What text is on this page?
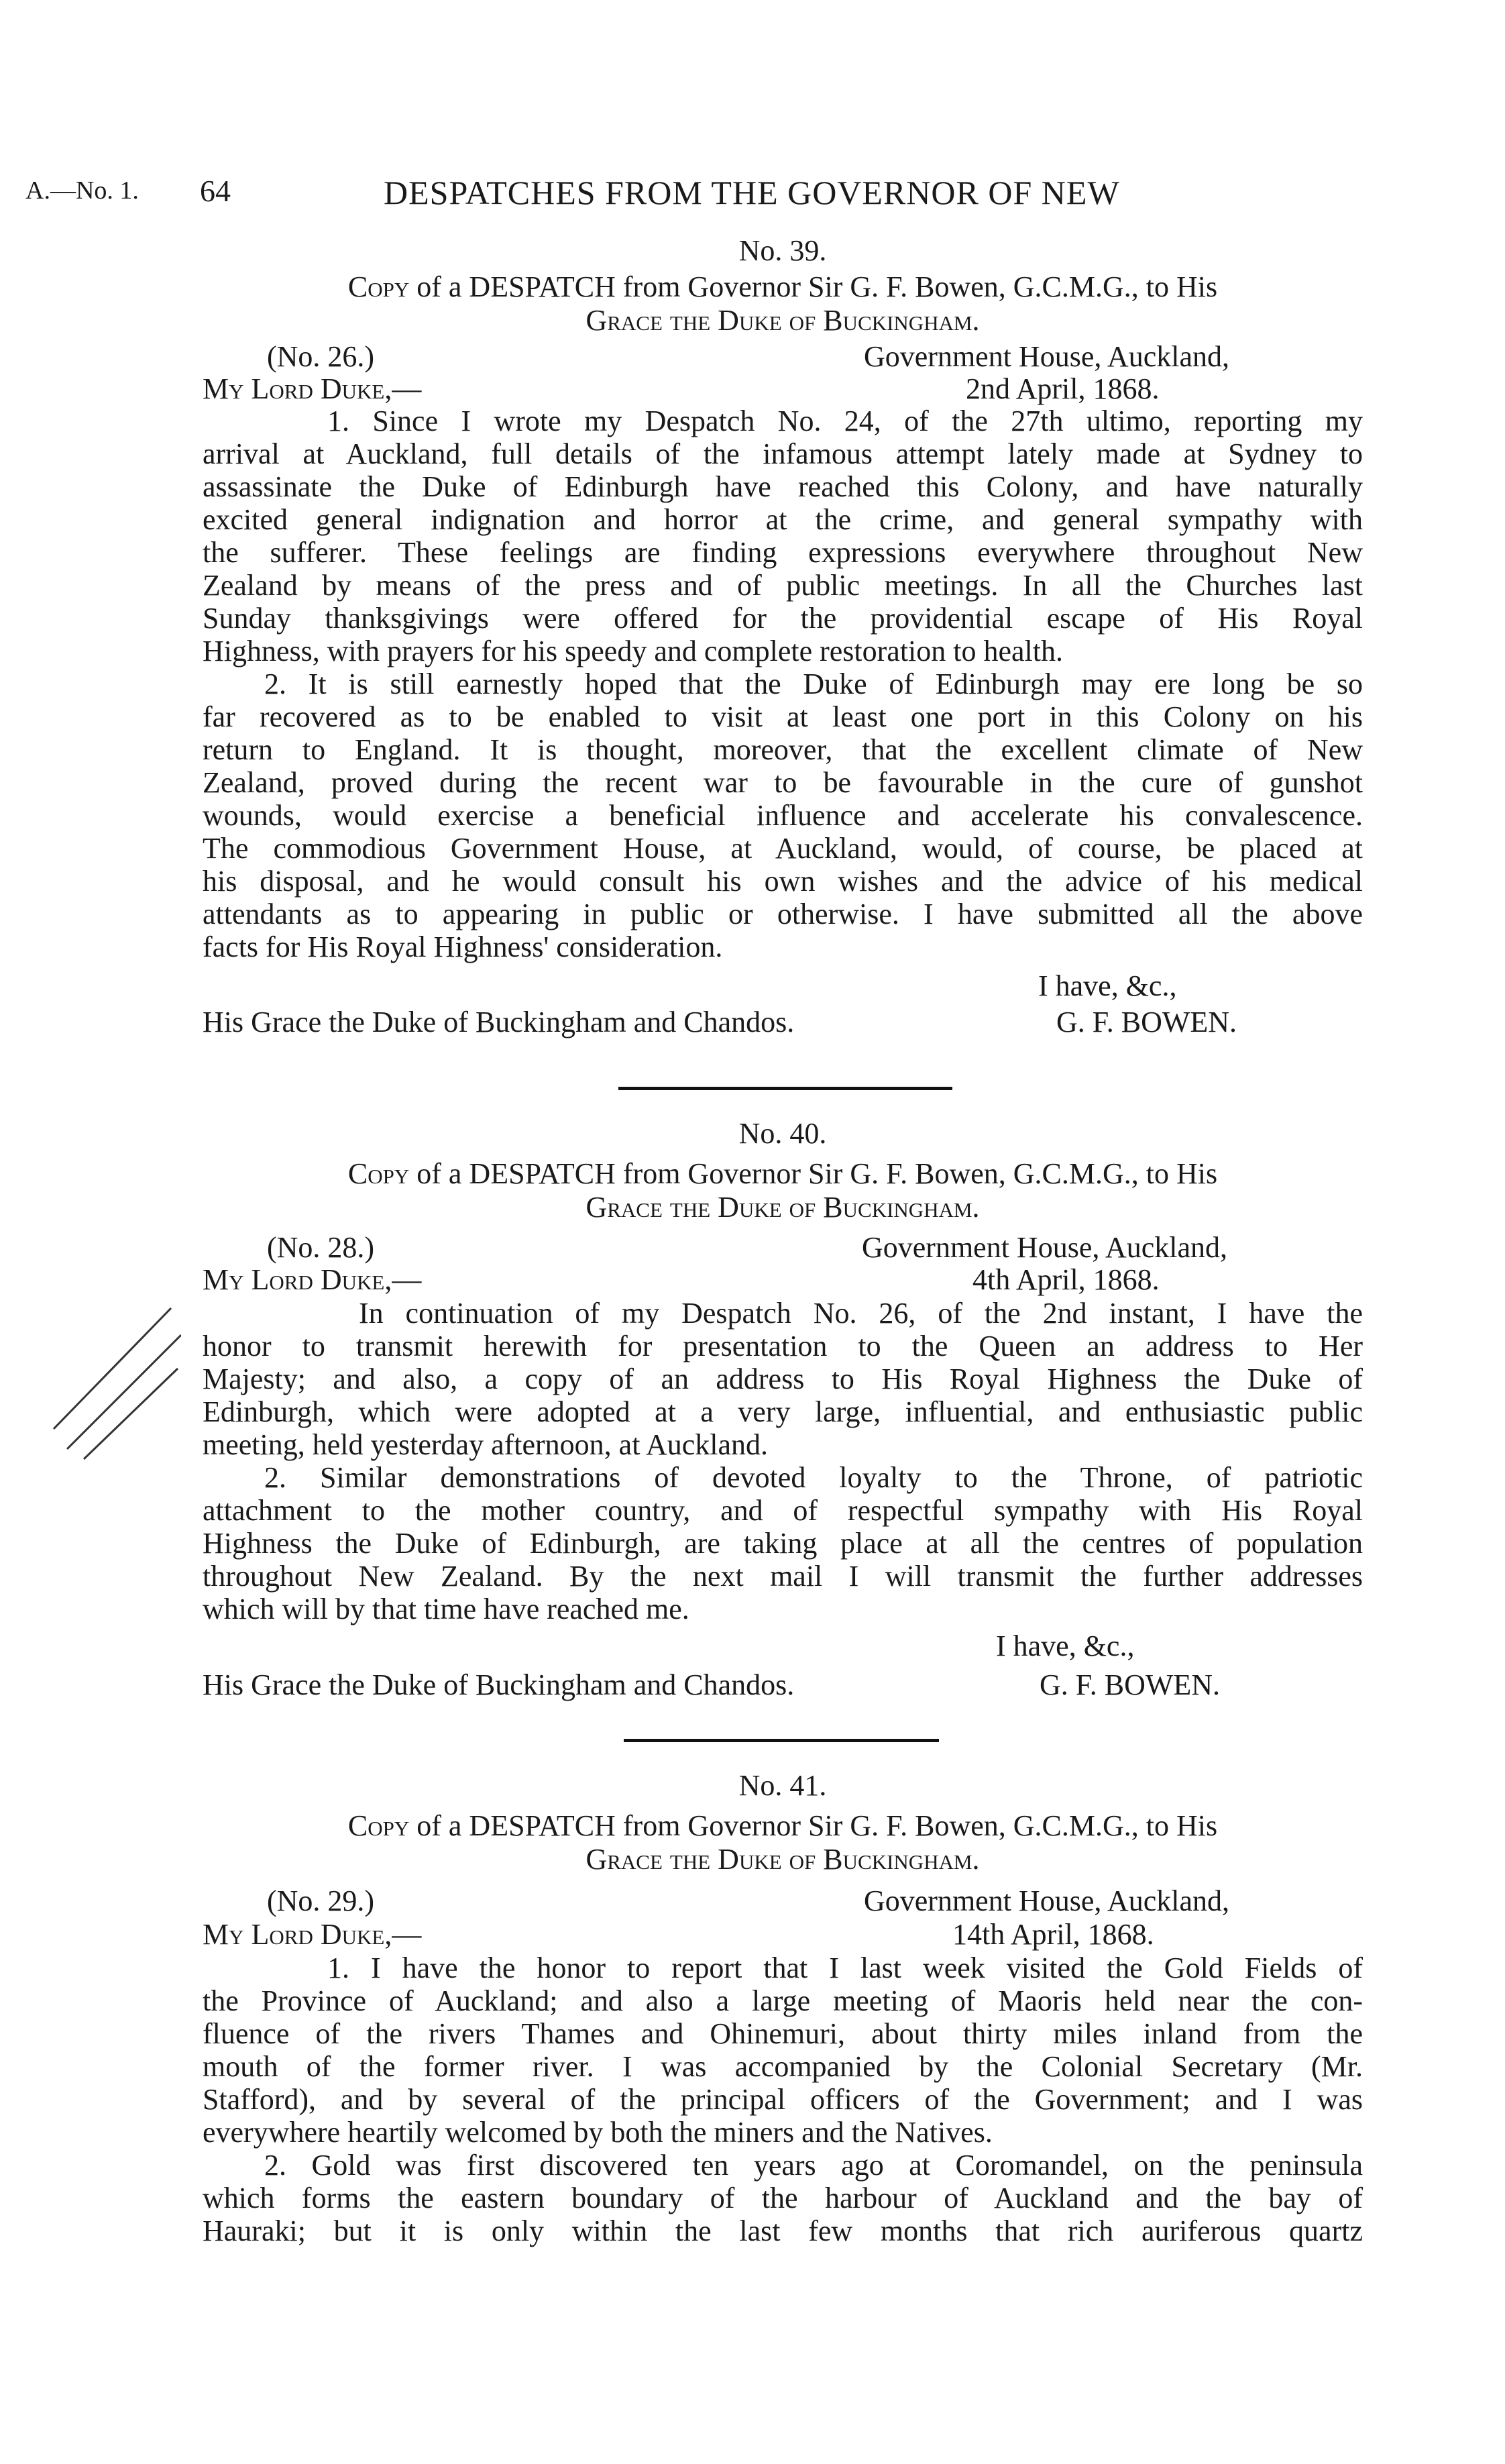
A.—No. 1. 64	DESPATCHES FROM THE GOVERNOR OF NEW
No. 39.
Copy of a DESPATCH from Governor Sir G. F. Bowen, G.C.M.G., to His
Grace the Duke of Buckingham.
(No. 26.)	Government House, Auckland,
My Lord Duke,—	2nd April, 1868.
1. Since I wrote my Despatch No. 24, of the 27th ultimo, reporting my
arrival at Auckland, full details of the infamous attempt lately made at Sydney to
assassinate the Duke of Edinburgh have reached this Colony, and have naturally
excited general indignation and horror at the crime, and general sympathy with
the sufferer. These feelings are finding expressions everywhere throughout New
Zealand by means of the press and of public meetings. In all the Churches last
Sunday thanksgivings were offered for the providential escape of His Royal
Highness, with prayers for his speedy and complete restoration to health.
2. It is still earnestly hoped that the Duke of Edinburgh may ere long be so
far recovered as to be enabled to visit at least one port in this Colony on his
return to England. It is thought, moreover, that the excellent climate of New
Zealand, proved during the recent war to be favourable in the cure of gunshot
wounds, would exercise a beneficial influence and accelerate his convalescence.
The commodious Government House, at Auckland, would, of course, be placed at
his disposal, and he would consult his own wishes and the advice of his medical
attendants as to appearing in public or otherwise. I have submitted all the above
facts for His Royal Highness' consideration.
I have, &c.,
His Grace the Duke of Buckingham and Chandos.	G. F. BOWEN.
No. 40.
Copy of a DESPATCH from Governor Sir G. F. Bowen, G.C.M.G., to His
Grace the Duke of Buckingham.
(No. 28.)	Government House, Auckland,
My Lord Duke,—	4th April, 1868.
In continuation of my Despatch No. 26, of the 2nd instant, I have the
honor to transmit herewith for presentation to the Queen an address to Her
Majesty; and also, a copy of an address to His Royal Highness the Duke of
Edinburgh, which were adopted at a very large, influential, and enthusiastic public
meeting, held yesterday afternoon, at Auckland.
2. Similar demonstrations of devoted loyalty to the Throne, of patriotic
attachment to the mother country, and of respectful sympathy with His Royal
Highness the Duke of Edinburgh, are taking place at all the centres of population
throughout New Zealand. By the next mail I will transmit the further addresses
which will by that time have reached me.
I have, &c.,
His Grace the Duke of Buckingham and Chandos.	G. F. BOWEN.
No. 41.
Copy of a DESPATCH from Governor Sir G. F. Bowen, G.C.M.G., to His
Grace the Duke of Buckingham.
(No. 29.)	Government House, Auckland,
My Lord Duke,—	14th April, 1868.
1. I have the honor to report that I last week visited the Gold Fields of
the Province of Auckland; and also a large meeting of Maoris held near the con-
fluence of the rivers Thames and Ohinemuri, about thirty miles inland from the
mouth of the former river. I was accompanied by the Colonial Secretary (Mr.
Stafford), and by several of the principal officers of the Government; and I was
everywhere heartily welcomed by both the miners and the Natives.
2. Gold was first discovered ten years ago at Coromandel, on the peninsula
which forms the eastern boundary of the harbour of Auckland and the bay of
Hauraki; but it is only within the last few months that rich auriferous quartz
